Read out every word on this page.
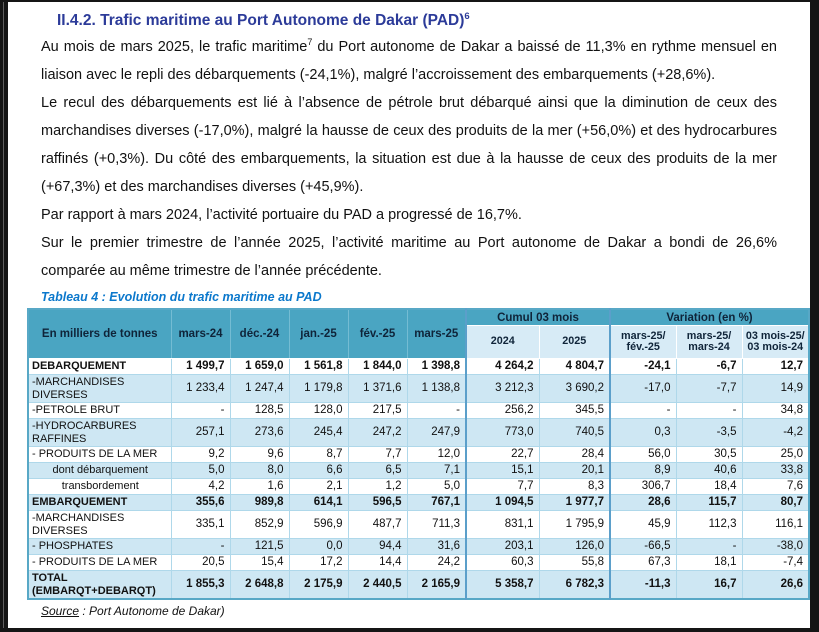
II.4.2. Trafic maritime au Port Autonome de Dakar (PAD)$^6$

Au mois de mars 2025, le trafic maritime$^7$ du Port autonome de Dakar a baissé de 11,3% en rythme mensuel en liaison avec le repli des débarquements (-24,1%), malgré l’accroissement des embarquements (+28,6%).

Le recul des débarquements est lié à l’absence de pétrole brut débarqué ainsi que la diminution de ceux des marchandises diverses (-17,0%), malgré la hausse de ceux des produits de la mer (+56,0%) et des hydrocarbures raffinés (+0,3%). Du côté des embarquements, la situation est due à la hausse de ceux des produits de la mer (+67,3%) et des marchandises diverses (+45,9%).

Par rapport à mars 2024, l’activité portuaire du PAD a progressé de 16,7%.

Sur le premier trimestre de l’année 2025, l’activité maritime au Port autonome de Dakar a bondi de 26,6% comparée au même trimestre de l’année précédente.

Tableau 4 : Evolution du trafic maritime au PAD
En milliers de tonnes	mars-24	déc.-24	jan.-25	fév.-25	mars-25	Cumul 03 mois		Variation (en %)		
						2024	2025	mars-25/ fév.-25	mars-25/ mars-24	03 mois-25/ 03 mois-24
DEBARQUEMENT	1 499,7	1 659,0	1 561,8	1 844,0	1 398,8	4 264,2	4 804,7	-24,1	-6,7	12,7
-MARCHANDISES DIVERSES	1 233,4	1 247,4	1 179,8	1 371,6	1 138,8	3 212,3	3 690,2	-17,0	-7,7	14,9
-PETROLE BRUT	-	128,5	128,0	217,5	-	256,2	345,5	-	-	34,8
-HYDROCARBURES RAFFINES	257,1	273,6	245,4	247,2	247,9	773,0	740,5	0,3	-3,5	-4,2
- PRODUITS DE LA MER	9,2	9,6	8,7	7,7	12,0	22,7	28,4	56,0	30,5	25,0
dont débarquement	5,0	8,0	6,6	6,5	7,1	15,1	20,1	8,9	40,6	33,8
transbordement	4,2	1,6	2,1	1,2	5,0	7,7	8,3	306,7	18,4	7,6
EMBARQUEMENT	355,6	989,8	614,1	596,5	767,1	1 094,5	1 977,7	28,6	115,7	80,7
-MARCHANDISES DIVERSES	335,1	852,9	596,9	487,7	711,3	831,1	1 795,9	45,9	112,3	116,1
- PHOSPHATES	-	121,5	0,0	94,4	31,6	203,1	126,0	-66,5	-	-38,0
- PRODUITS DE LA MER	20,5	15,4	17,2	14,4	24,2	60,3	55,8	67,3	18,1	-7,4
TOTAL (EMBARQT+DEBARQT)	1 855,3	2 648,8	2 175,9	2 440,5	2 165,9	5 358,7	6 782,3	-11,3	16,7	26,6
Source : Port Autonome de Dakar)
